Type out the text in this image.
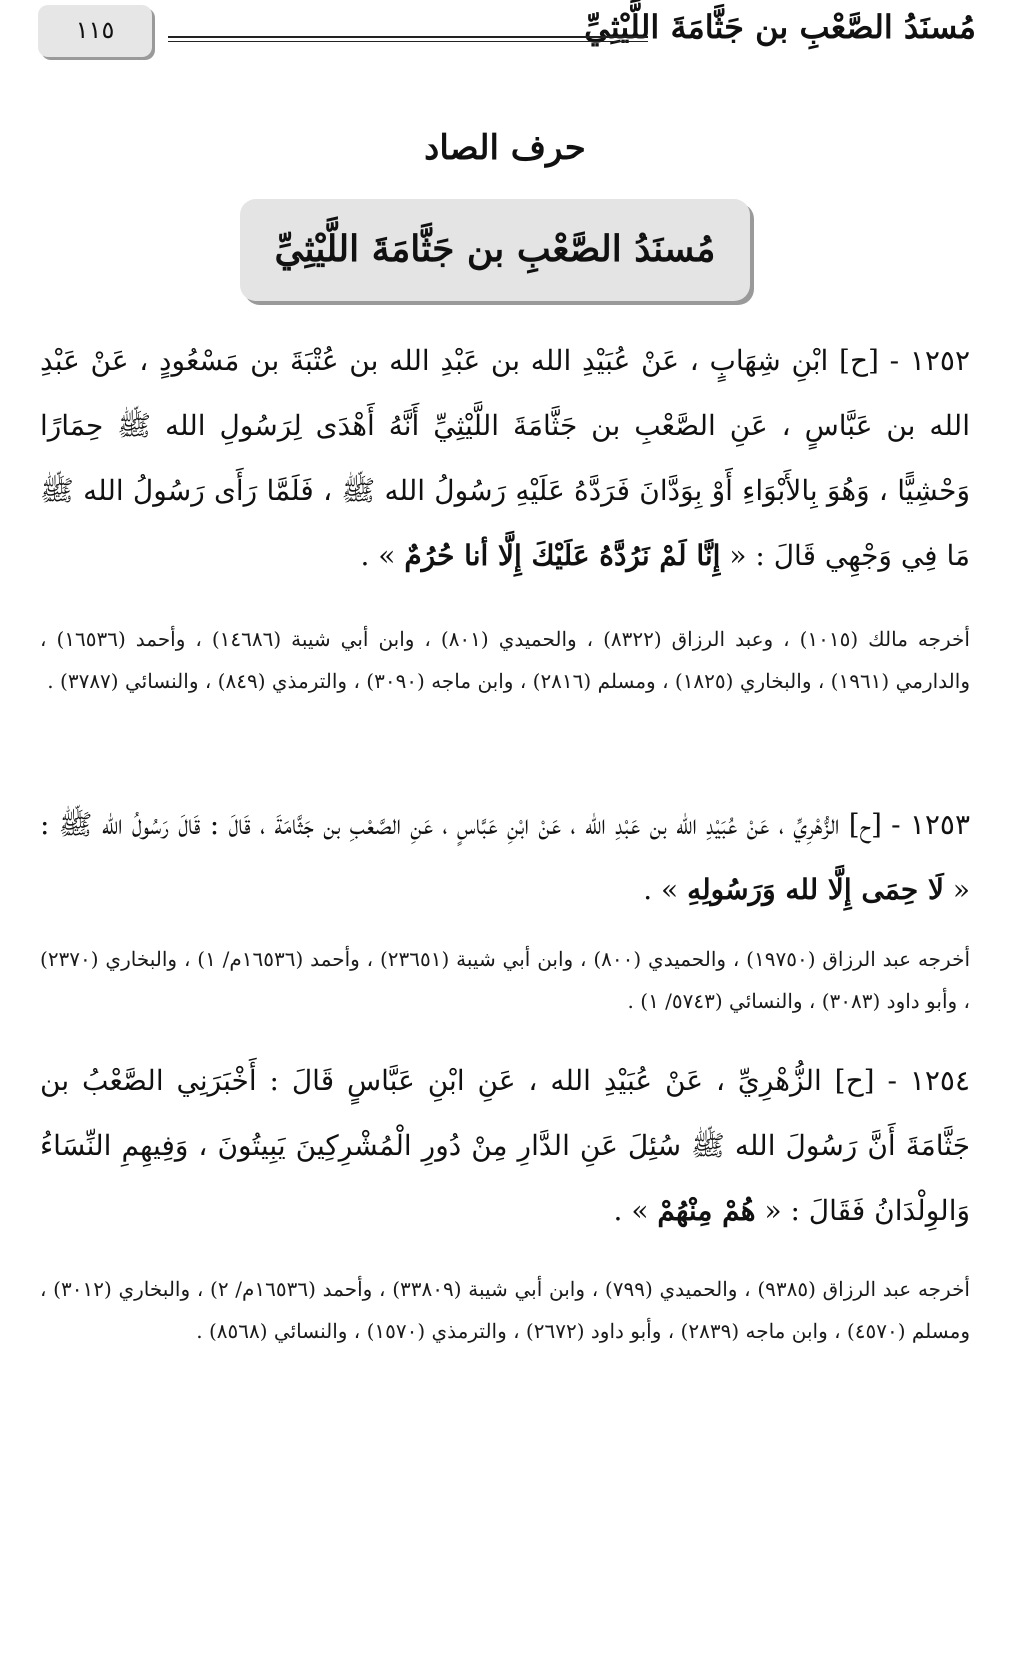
مُسنَدُ الصَّعْبِ بن جَثَّامَةَ اللَّيْثِيِّ
١١٥
حرف الصاد
مُسنَدُ الصَّعْبِ بن جَثَّامَةَ اللَّيْثِيِّ
١٢٥٢ - [ح] ابْنِ شِهَابٍ ، عَنْ عُبَيْدِ الله بن عَبْدِ الله بن عُتْبَةَ بن مَسْعُودٍ ، عَنْ عَبْدِ الله بن عَبَّاسٍ ، عَنِ الصَّعْبِ بن جَثَّامَةَ اللَّيْثِيِّ أَنَّهُ أَهْدَى لِرَسُولِ الله ﷺ حِمَارًا وَحْشِيًّا ، وَهُوَ بِالأَبْوَاءِ أَوْ بِوَدَّانَ فَرَدَّهُ عَلَيْهِ رَسُولُ الله ﷺ ، فَلَمَّا رَأَى رَسُولُ الله ﷺ مَا فِي وَجْهِي قَالَ : « إِنَّا لَمْ نَرُدَّهُ عَلَيْكَ إِلَّا أنا حُرُمٌ » .
أخرجه مالك (١٠١٥) ، وعبد الرزاق (٨٣٢٢) ، والحميدي (٨٠١) ، وابن أبي شيبة (١٤٦٨٦) ، وأحمد (١٦٥٣٦) ، والدارمي (١٩٦١) ، والبخاري (١٨٢٥) ، ومسلم (٢٨١٦) ، وابن ماجه (٣٠٩٠) ، والترمذي (٨٤٩) ، والنسائي (٣٧٨٧) .
١٢٥٣ - [ح] الزُّهْرِيِّ ، عَنْ عُبَيْدِ الله بن عَبْدِ الله ، عَنْ ابْنِ عَبَّاسٍ ، عَنِ الصَّعْبِ بن جَثَّامَةَ ، قَالَ : قَالَ رَسُولُ الله ﷺ : « لَا حِمَى إِلَّا لله وَرَسُولِهِ » .
أخرجه عبد الرزاق (١٩٧٥٠) ، والحميدي (٨٠٠) ، وابن أبي شيبة (٢٣٦٥١) ، وأحمد (١٦٥٣٦م/ ١) ، والبخاري (٢٣٧٠) ، وأبو داود (٣٠٨٣) ، والنسائي (٥٧٤٣/ ١) .
١٢٥٤ - [ح] الزُّهْرِيِّ ، عَنْ عُبَيْدِ الله ، عَنِ ابْنِ عَبَّاسٍ قَالَ : أَخْبَرَنِي الصَّعْبُ بن جَثَّامَةَ أَنَّ رَسُولَ الله ﷺ سُئِلَ عَنِ الدَّارِ مِنْ دُورِ الْمُشْرِكِينَ يَبِيتُونَ ، وَفِيهِمِ النِّسَاءُ وَالوِلْدَانُ فَقَالَ : « هُمْ مِنْهُمْ » .
أخرجه عبد الرزاق (٩٣٨٥) ، والحميدي (٧٩٩) ، وابن أبي شيبة (٣٣٨٠٩) ، وأحمد (١٦٥٣٦م/ ٢) ، والبخاري (٣٠١٢) ، ومسلم (٤٥٧٠) ، وابن ماجه (٢٨٣٩) ، وأبو داود (٢٦٧٢) ، والترمذي (١٥٧٠) ، والنسائي (٨٥٦٨) .
